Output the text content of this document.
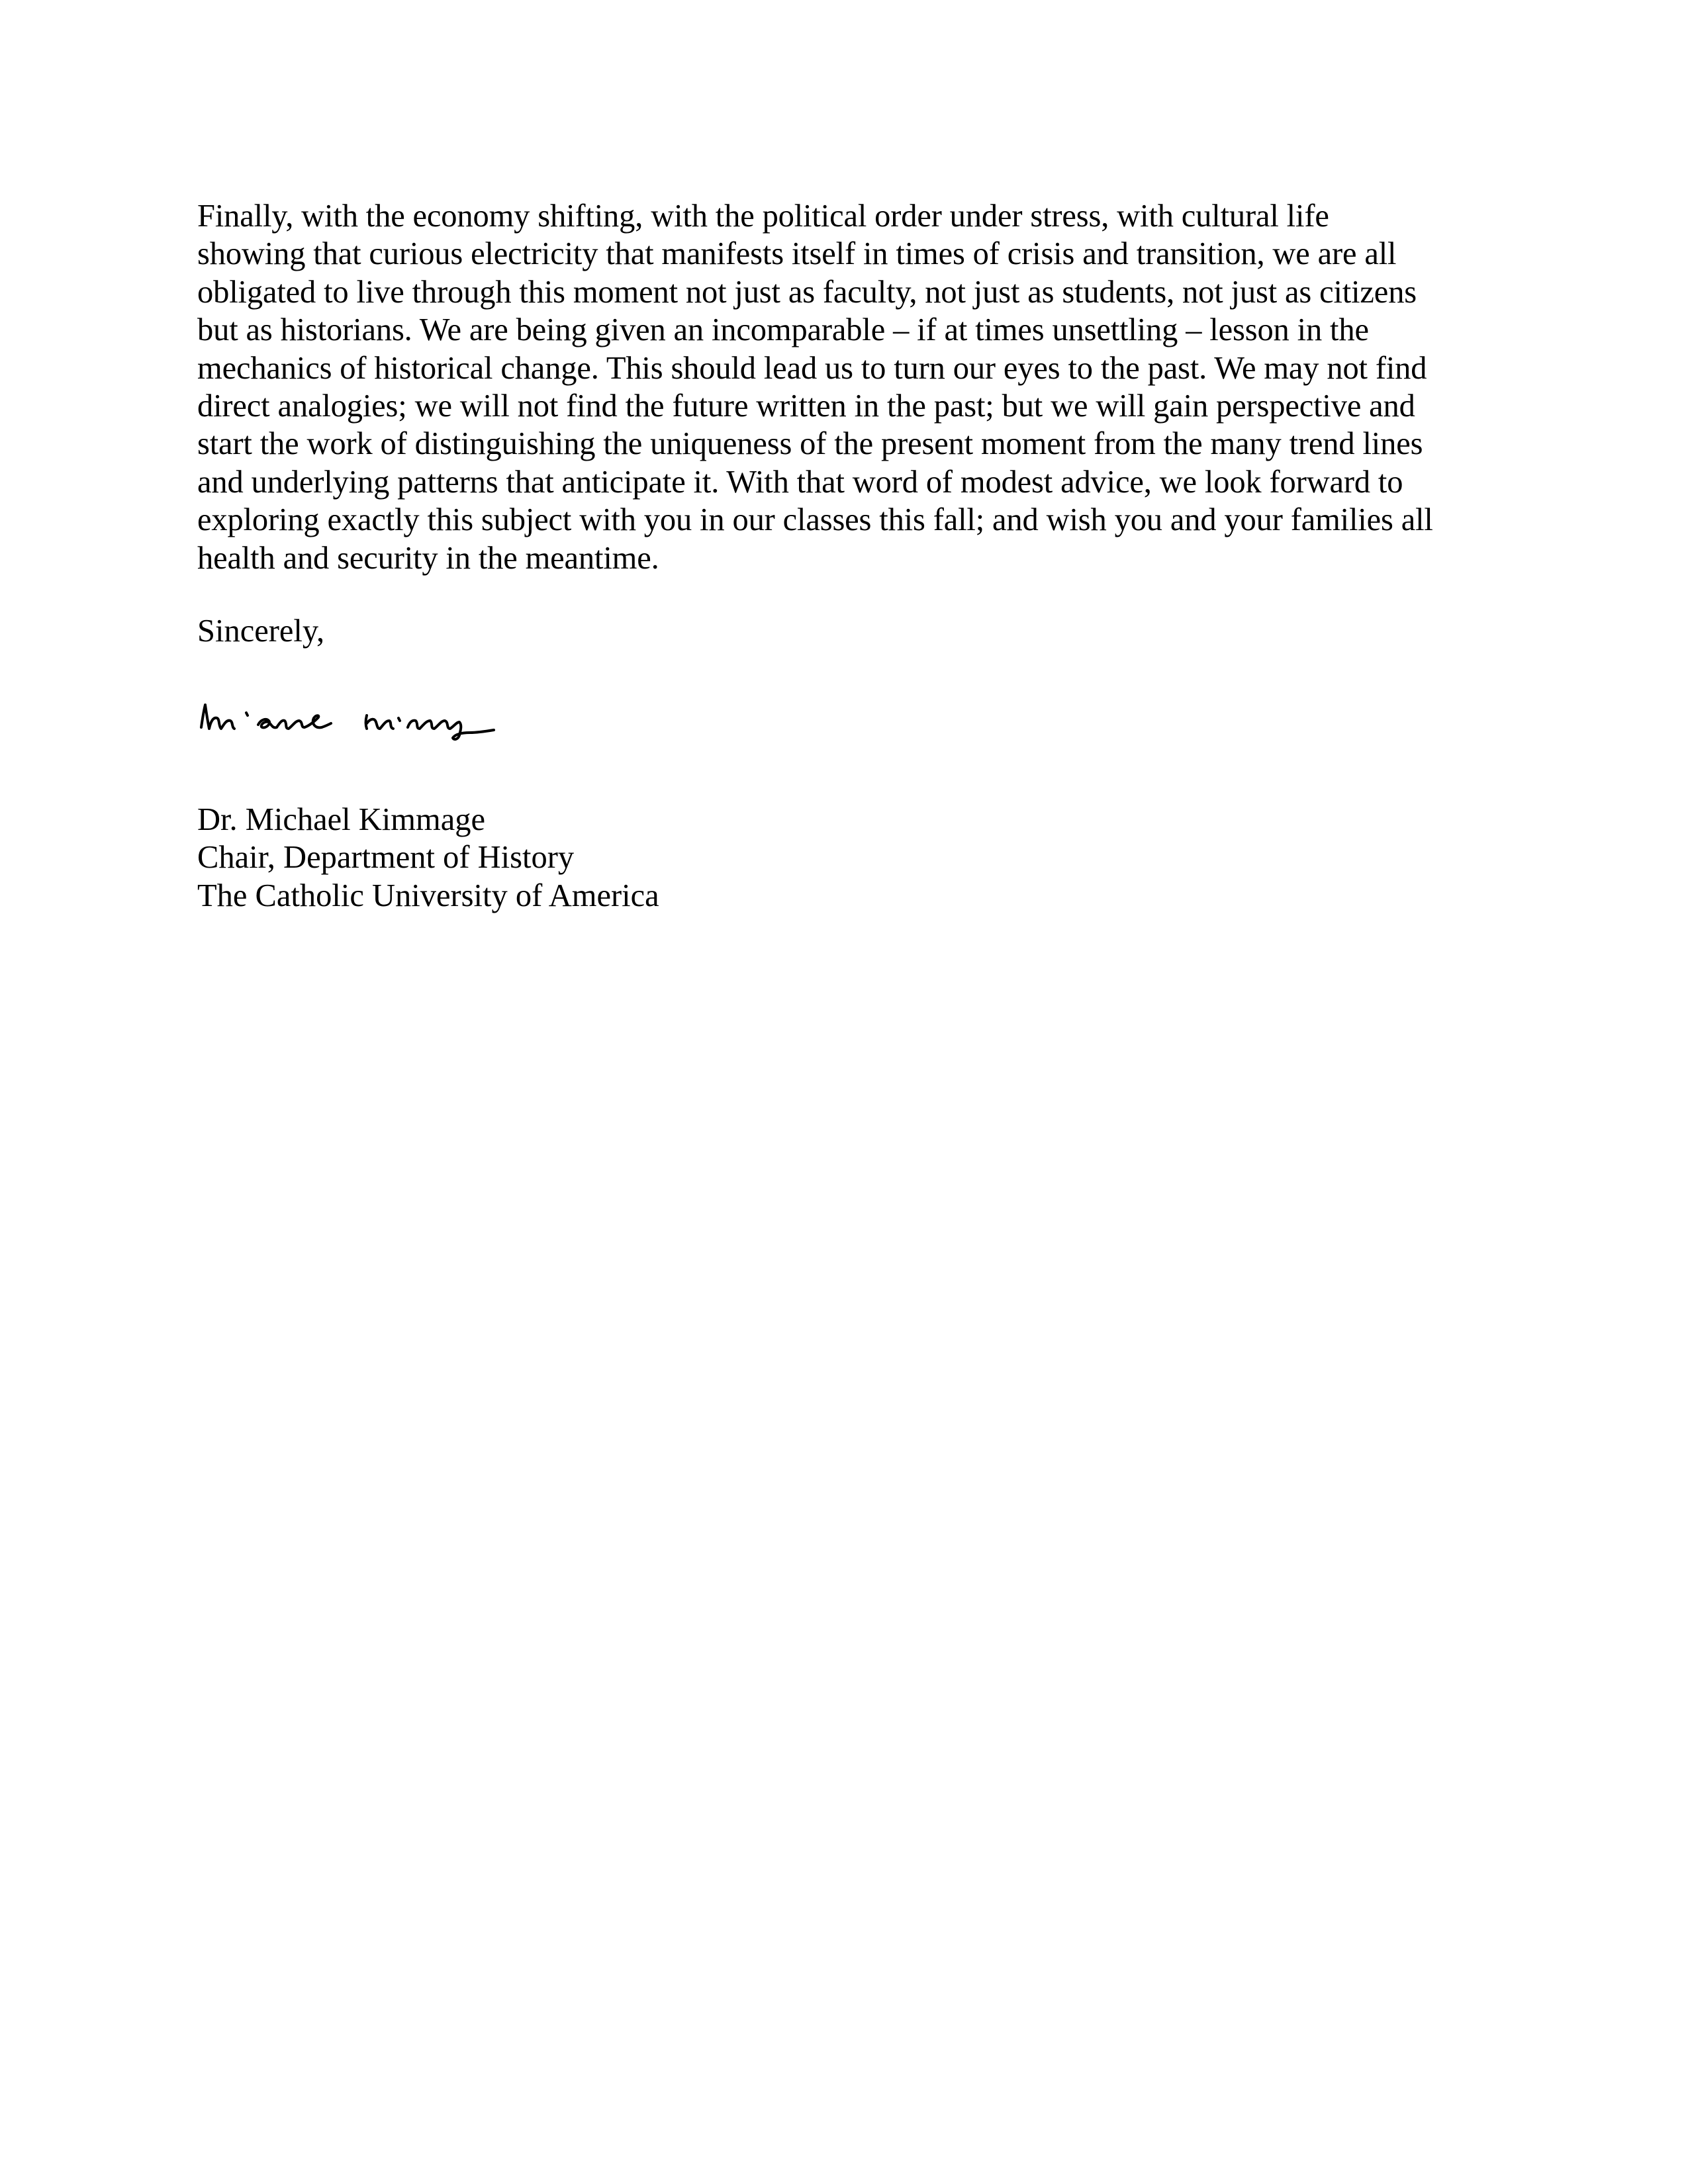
Finally, with the economy shifting, with the political order under stress, with cultural life
showing that curious electricity that manifests itself in times of crisis and transition, we are all
obligated to live through this moment not just as faculty, not just as students, not just as citizens
but as historians. We are being given an incomparable – if at times unsettling – lesson in the
mechanics of historical change. This should lead us to turn our eyes to the past. We may not find
direct analogies; we will not find the future written in the past; but we will gain perspective and
start the work of distinguishing the uniqueness of the present moment from the many trend lines
and underlying patterns that anticipate it. With that word of modest advice, we look forward to
exploring exactly this subject with you in our classes this fall; and wish you and your families all
health and security in the meantime.

Sincerely,

Dr. Michael Kimmage
Chair, Department of History
The Catholic University of America
